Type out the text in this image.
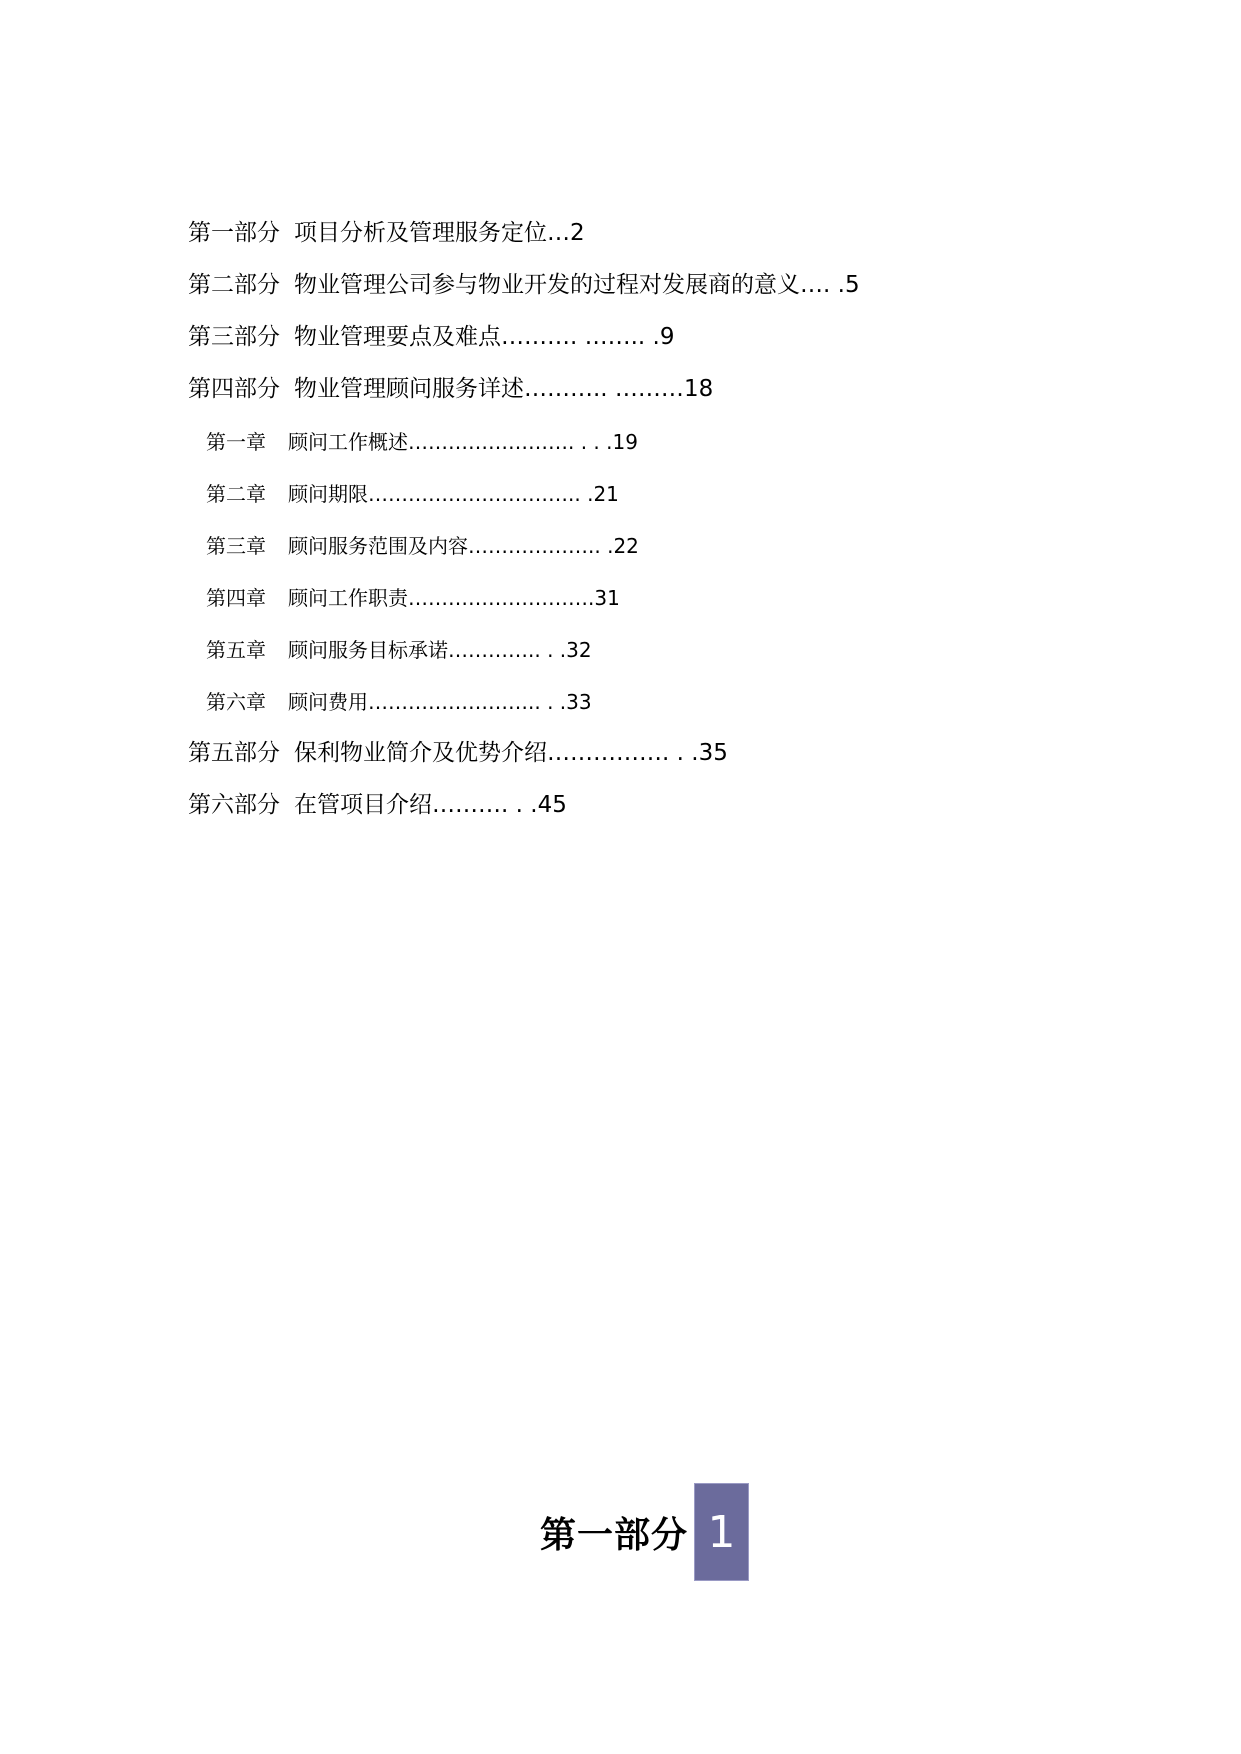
第一部分 项目分析及管理服务定位…2
第二部分 物业管理公司参与物业开发的过程对发展商的意义…. .5
第三部分 物业管理要点及难点………. …….. .9
第四部分 物业管理顾问服务详述……….. ………18
第一章 顾问工作概述……………………. . . .19
第二章 顾问期限………………………….. .21
第三章 顾问服务范围及内容……………….. .22
第四章 顾问工作职责……………………….31
第五章 顾问服务目标承诺………….. . .32
第六章 顾问费用…………………….. . .33
第五部分 保利物业简介及优势介绍……………. . .35
第六部分 在管项目介绍………. . .45
第一部分 1
